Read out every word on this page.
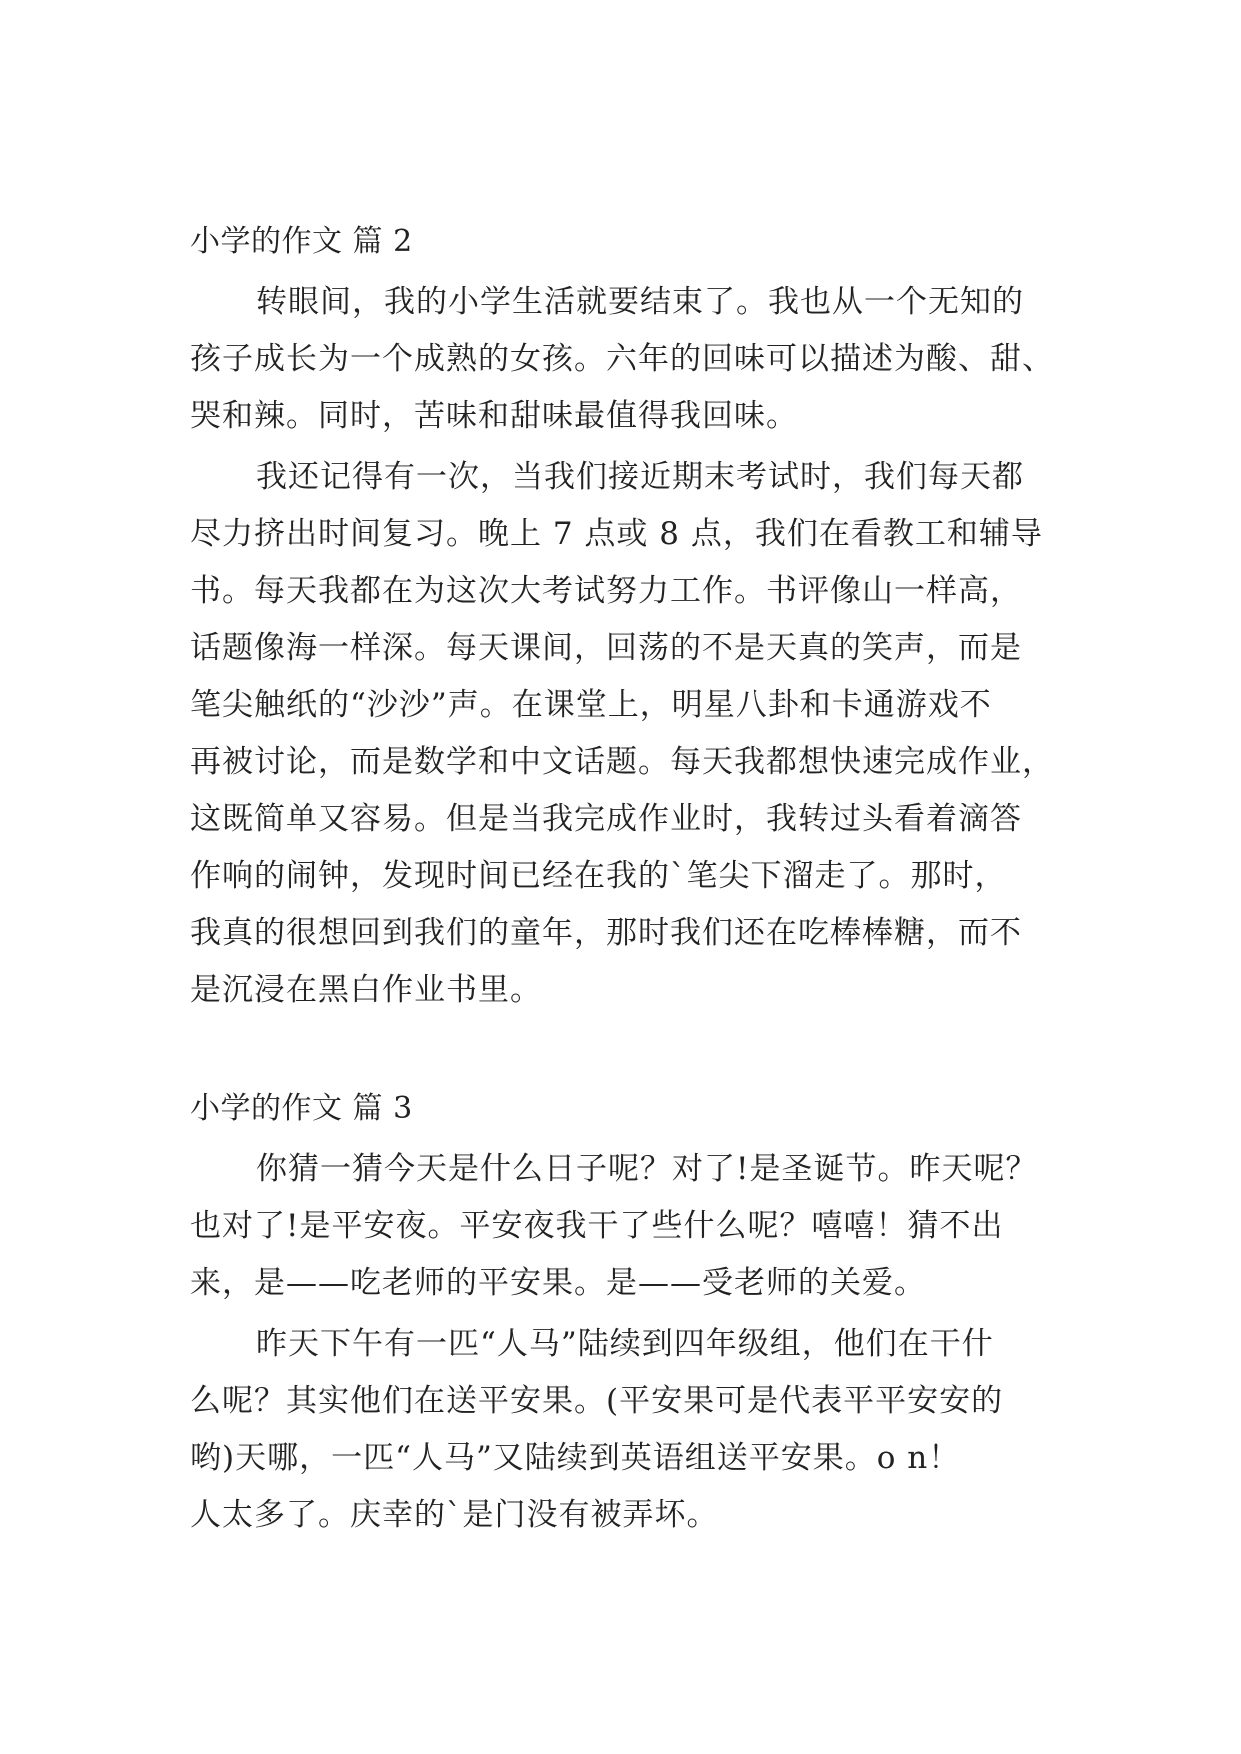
小学的作文 篇 2
转眼间，我的小学生活就要结束了。我也从一个无知的
孩子成长为一个成熟的女孩。六年的回味可以描述为酸、甜、
哭和辣。同时，苦味和甜味最值得我回味。
我还记得有一次，当我们接近期末考试时，我们每天都
尽力挤出时间复习。晚上 7 点或 8 点，我们在看教工和辅导
书。每天我都在为这次大考试努力工作。书评像山一样高，
话题像海一样深。每天课间，回荡的不是天真的笑声，而是
笔尖触纸的“沙沙”声。在课堂上，明星八卦和卡通游戏不
再被讨论，而是数学和中文话题。每天我都想快速完成作业，
这既简单又容易。但是当我完成作业时，我转过头看着滴答
作响的闹钟，发现时间已经在我的`笔尖下溜走了。那时，
我真的很想回到我们的童年，那时我们还在吃棒棒糖，而不
是沉浸在黑白作业书里。
小学的作文 篇 3
你猜一猜今天是什么日子呢？对了!是圣诞节。昨天呢？
也对了!是平安夜。平安夜我干了些什么呢？嘻嘻！猜不出
来，是——吃老师的平安果。是——受老师的关爱。
昨天下午有一匹“人马”陆续到四年级组，他们在干什
么呢？其实他们在送平安果。(平安果可是代表平平安安的
哟)天哪，一匹“人马”又陆续到英语组送平安果。o n！
人太多了。庆幸的`是门没有被弄坏。
